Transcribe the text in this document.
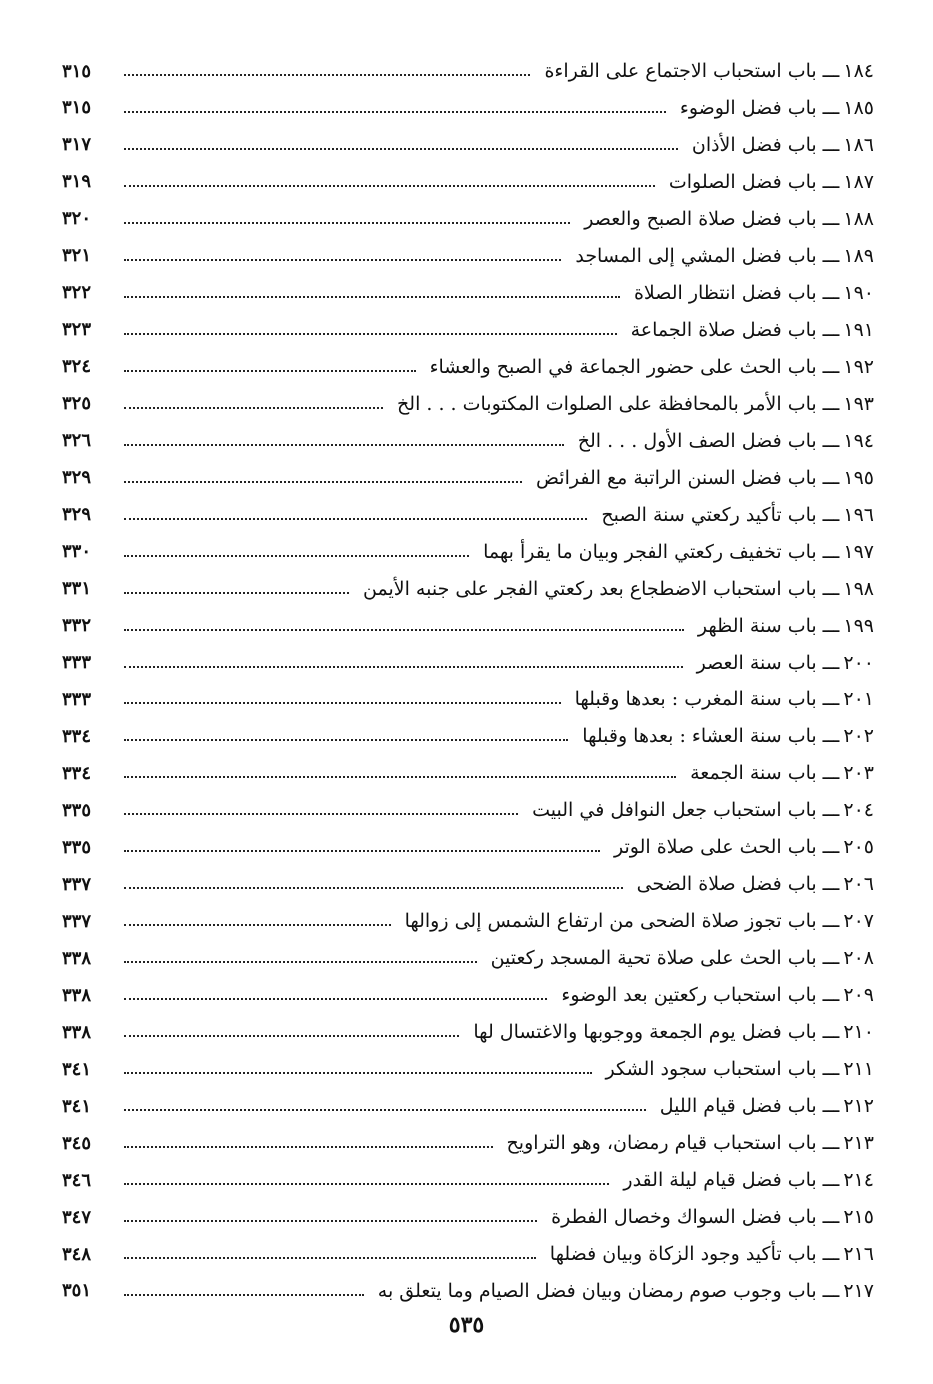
١٨٤
ـــ
باب استحباب الاجتماع على القراءة
٣١٥
١٨٥
ـــ
باب فضل الوضوء
٣١٥
١٨٦
ـــ
باب فضل الأذان
٣١٧
١٨٧
ـــ
باب فضل الصلوات
٣١٩
١٨٨
ـــ
باب فضل صلاة الصبح والعصر
٣٢٠
١٨٩
ـــ
باب فضل المشي إلى المساجد
٣٢١
١٩٠
ـــ
باب فضل انتظار الصلاة
٣٢٢
١٩١
ـــ
باب فضل صلاة الجماعة
٣٢٣
١٩٢
ـــ
باب الحث على حضور الجماعة في الصبح والعشاء
٣٢٤
١٩٣
ـــ
باب الأمر بالمحافظة على الصلوات المكتوبات . . . الخ
٣٢٥
١٩٤
ـــ
باب فضل الصف الأول . . . الخ
٣٢٦
١٩٥
ـــ
باب فضل السنن الراتبة مع الفرائض
٣٢٩
١٩٦
ـــ
باب تأكيد ركعتي سنة الصبح
٣٢٩
١٩٧
ـــ
باب تخفيف ركعتي الفجر وبيان ما يقرأ بهما
٣٣٠
١٩٨
ـــ
باب استحباب الاضطجاع بعد ركعتي الفجر على جنبه الأيمن
٣٣١
١٩٩
ـــ
باب سنة الظهر
٣٣٢
٢٠٠
ـــ
باب سنة العصر
٣٣٣
٢٠١
ـــ
باب سنة المغرب : بعدها وقبلها
٣٣٣
٢٠٢
ـــ
باب سنة العشاء : بعدها وقبلها
٣٣٤
٢٠٣
ـــ
باب سنة الجمعة
٣٣٤
٢٠٤
ـــ
باب استحباب جعل النوافل في البيت
٣٣٥
٢٠٥
ـــ
باب الحث على صلاة الوتر
٣٣٥
٢٠٦
ـــ
باب فضل صلاة الضحى
٣٣٧
٢٠٧
ـــ
باب تجوز صلاة الضحى من ارتفاع الشمس إلى زوالها
٣٣٧
٢٠٨
ـــ
باب الحث على صلاة تحية المسجد ركعتين
٣٣٨
٢٠٩
ـــ
باب استحباب ركعتين بعد الوضوء
٣٣٨
٢١٠
ـــ
باب فضل يوم الجمعة ووجوبها والاغتسال لها
٣٣٨
٢١١
ـــ
باب استحباب سجود الشكر
٣٤١
٢١٢
ـــ
باب فضل قيام الليل
٣٤١
٢١٣
ـــ
باب استحباب قيام رمضان، وهو التراويح
٣٤٥
٢١٤
ـــ
باب فضل قيام ليلة القدر
٣٤٦
٢١٥
ـــ
باب فضل السواك وخصال الفطرة
٣٤٧
٢١٦
ـــ
باب تأكيد وجود الزكاة وبيان فضلها
٣٤٨
٢١٧
ـــ
باب وجوب صوم رمضان وبيان فضل الصيام وما يتعلق به
٣٥١
٥٣٥
